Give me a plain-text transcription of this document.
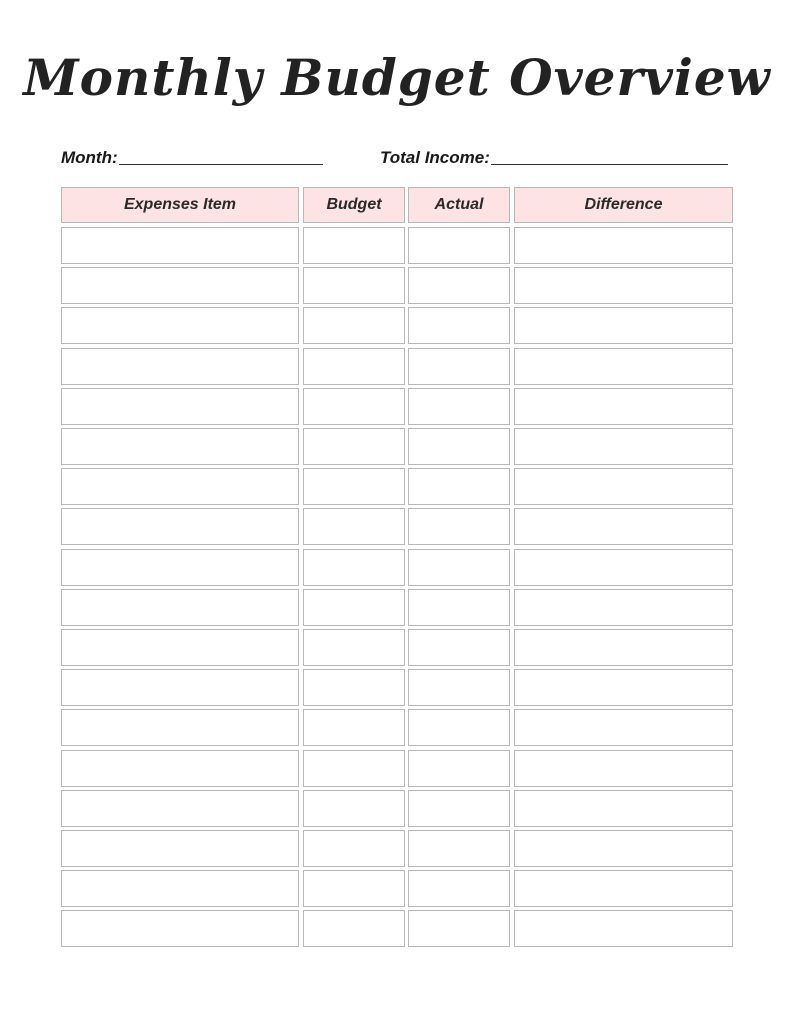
Monthly Budget Overview
Month:	Total Income:
Expenses Item	Budget	Actual	Difference
